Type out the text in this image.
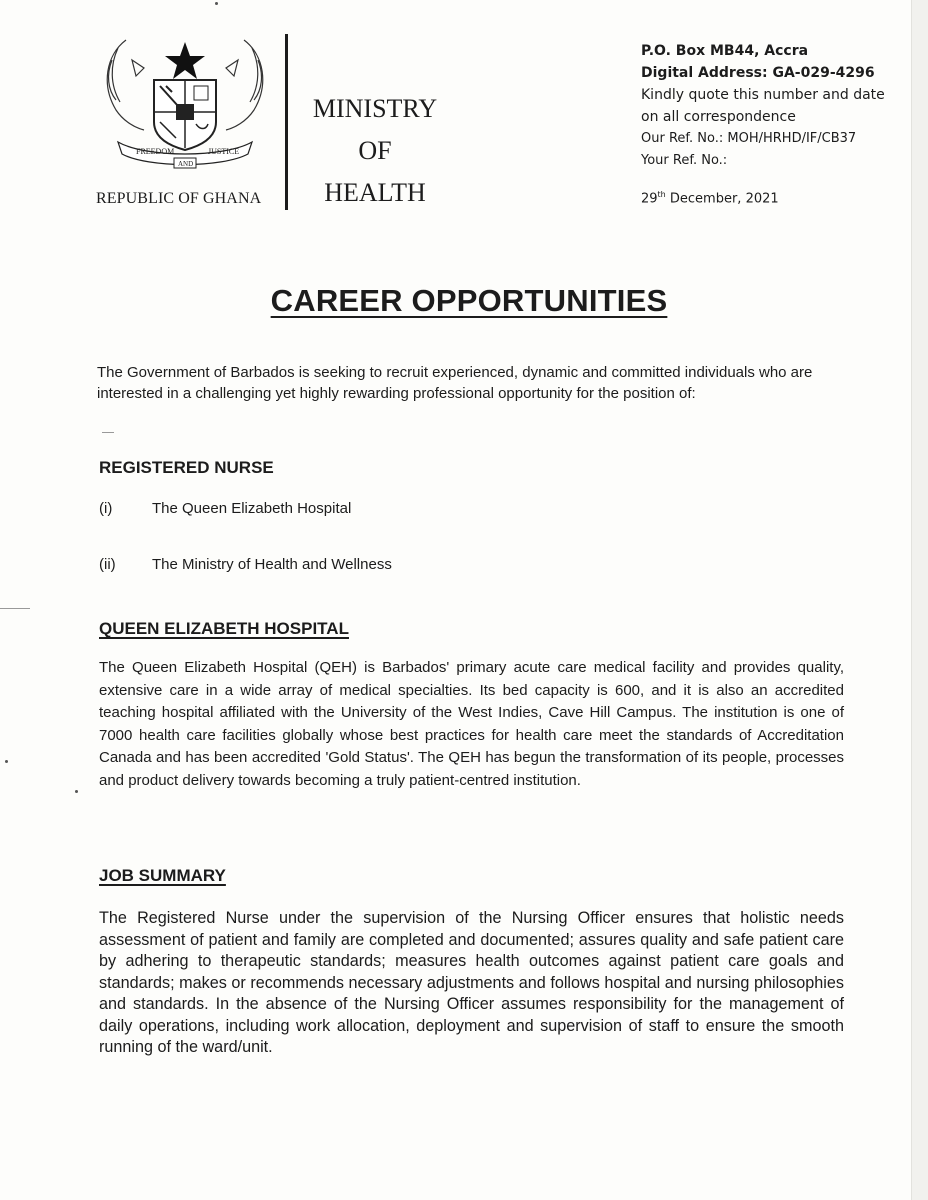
FREEDOM	JUSTICE
AND
REPUBLIC OF GHANA
MINISTRY
OF
HEALTH
P.O. Box MB44, Accra
Digital Address: GA-029-4296
Kindly quote this number and date
on all correspondence
Our Ref. No.: MOH/HRHD/IF/CB37
Your Ref. No.:
29th December, 2021
CAREER OPPORTUNITIES
The Government of Barbados is seeking to recruit experienced, dynamic and committed individuals who are interested in a challenging yet highly rewarding professional opportunity for the position of:
REGISTERED NURSE
(i)	The Queen Elizabeth Hospital
(ii) The Ministry of Health and Wellness
QUEEN ELIZABETH HOSPITAL
The Queen Elizabeth Hospital (QEH) is Barbados' primary acute care medical facility and provides quality, extensive care in a wide array of medical specialties. Its bed capacity is 600, and it is also an accredited teaching hospital affiliated with the University of the West Indies, Cave Hill Campus. The institution is one of 7000 health care facilities globally whose best practices for health care meet the standards of Accreditation Canada and has been accredited 'Gold Status'. The QEH has begun the transformation of its people, processes and product delivery towards becoming a truly patient-centred institution.
JOB SUMMARY
The Registered Nurse under the supervision of the Nursing Officer ensures that holistic needs assessment of patient and family are completed and documented; assures quality and safe patient care by adhering to therapeutic standards; measures health outcomes against patient care goals and standards; makes or recommends necessary adjustments and follows hospital and nursing philosophies and standards. In the absence of the Nursing Officer assumes responsibility for the management of daily operations, including work allocation, deployment and supervision of staff to ensure the smooth running of the ward/unit.
